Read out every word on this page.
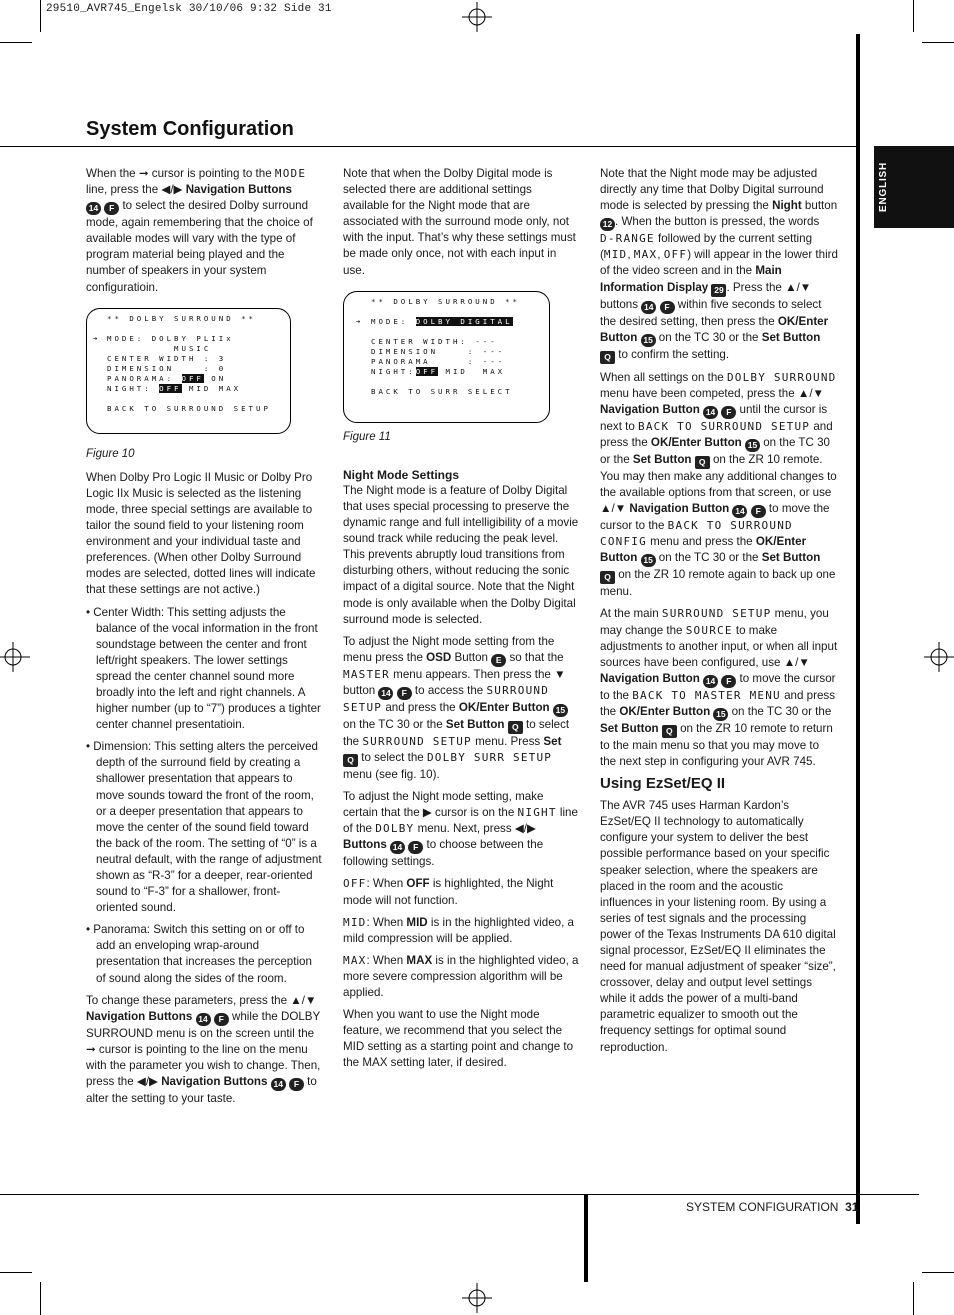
29510_AVR745_Engelsk 30/10/06 9:32 Side 31
System Configuration
ENGLISH

When the ➞ cursor is pointing to the MODE line, press the ◀/▶ Navigation Buttons
14 F to select the desired Dolby surround mode, again remembering that the choice of available modes will vary with the type of program material being played and the number of speakers in your system configuratioin.

** DOLBY SURROUND **

➔ MODE: DOLBY PLIIx
MUSIC
CENTER WIDTH : 3
DIMENSION    : 0
PANORAMA: OFF ON
NIGHT: OFF MID MAX

BACK TO SURROUND SETUP

Figure 10

When Dolby Pro Logic II Music or Dolby Pro Logic IIx Music is selected as the listening mode, three special settings are available to tailor the sound field to your listening room environment and your individual taste and preferences. (When other Dolby Surround modes are selected, dotted lines will indicate that these settings are not active.)

• Center Width: This setting adjusts the balance of the vocal information in the front soundstage between the center and front left/right speakers. The lower settings spread the center channel sound more broadly into the left and right channels. A higher number (up to “7”) produces a tighter center channel presentatioin.

• Dimension: This setting alters the perceived depth of the surround field by creating a shallower presentation that appears to move sounds toward the front of the room, or a deeper presentation that appears to move the center of the sound field toward the back of the room. The setting of “0” is a neutral default, with the range of adjustment shown as “R-3” for a deeper, rear-oriented sound to “F-3” for a shallower, front-oriented sound.

• Panorama: Switch this setting on or off to add an enveloping wrap-around presentation that increases the perception of sound along the sides of the room.

To change these parameters, press the ▲/▼ Navigation Buttons 14 F while the DOLBY SURROUND menu is on the screen until the ➞ cursor is pointing to the line on the menu with the parameter you wish to change. Then, press the ◀/▶ Navigation Buttons 14 F to alter the setting to your taste.

Note that when the Dolby Digital mode is selected there are additional settings available for the Night mode that are associated with the surround mode only, not with the input. That’s why these settings must be made only once, not with each input in use.

** DOLBY SURROUND **

➔ MODE: DOLBY DIGITAL

CENTER WIDTH: ---
DIMENSION    : ---
PANORAMA     : ---
NIGHT:OFF MID  MAX

BACK TO SURR SELECT

Figure 11

Night Mode Settings

The Night mode is a feature of Dolby Digital that uses special processing to preserve the dynamic range and full intelligibility of a movie sound track while reducing the peak level. This prevents abruptly loud transitions from disturbing others, without reducing the sonic impact of a digital source. Note that the Night mode is only available when the Dolby Digital surround mode is selected.

To adjust the Night mode setting from the menu press the OSD Button E so that the MASTER menu appears. Then press the ▼ button 14 F to access the SURROUND SETUP and press the OK/Enter Button 15 on the TC 30 or the Set Button Q to select the SURROUND SETUP menu. Press Set Q to select the DOLBY SURR SETUP menu (see fig. 10).

To adjust the Night mode setting, make certain that the ▶ cursor is on the NIGHT line of the DOLBY menu. Next, press ◀/▶ Buttons 14 F to choose between the following settings.

OFF: When OFF is highlighted, the Night mode will not function.

MID: When MID is in the highlighted video, a mild compression will be applied.

MAX: When MAX is in the highlighted video, a more severe compression algorithm will be applied.

When you want to use the Night mode feature, we recommend that you select the MID setting as a starting point and change to the MAX setting later, if desired.

Note that the Night mode may be adjusted directly any time that Dolby Digital surround mode is selected by pressing the Night button 12 . When the button is pressed, the words D-RANGE followed by the current setting (MID, MAX, OFF) will appear in the lower third of the video screen and in the Main Information Display 29 . Press the ▲/▼ buttons 14 F within five seconds to select the desired setting, then press the OK/Enter Button 15 on the TC 30 or the Set Button Q to confirm the setting.

When all settings on the DOLBY SURROUND menu have been competed, press the ▲/▼ Navigation Button 14 F until the cursor is next to BACK TO SURROUND SETUP and press the OK/Enter Button 15 on the TC 30 or the Set Button Q on the ZR 10 remote. You may then make any additional changes to the available options from that screen, or use ▲/▼ Navigation Button 14 F to move the cursor to the BACK TO SURROUND CONFIG menu and press the OK/Enter Button 15 on the TC 30 or the Set Button Q on the ZR 10 remote again to back up one menu.

At the main SURROUND SETUP menu, you may change the SOURCE to make adjustments to another input, or when all input sources have been configured, use ▲/▼ Navigation Button 14 F to move the cursor to the BACK TO MASTER MENU and press the OK/Enter Button 15 on the TC 30 or the Set Button Q on the ZR 10 remote to return to the main menu so that you may move to the next step in configuring your AVR 745.

Using EzSet/EQ II

The AVR 745 uses Harman Kardon’s EzSet/EQ II technology to automatically configure your system to deliver the best possible performance based on your specific speaker selection, where the speakers are placed in the room and the acoustic influences in your listening room. By using a series of test signals and the processing power of the Texas Instruments DA 610 digital signal processor, EzSet/EQ II eliminates the need for manual adjustment of speaker “size”, crossover, delay and output level settings while it adds the power of a multi-band parametric equalizer to smooth out the frequency settings for optimal sound reproduction.

SYSTEM CONFIGURATION 31
